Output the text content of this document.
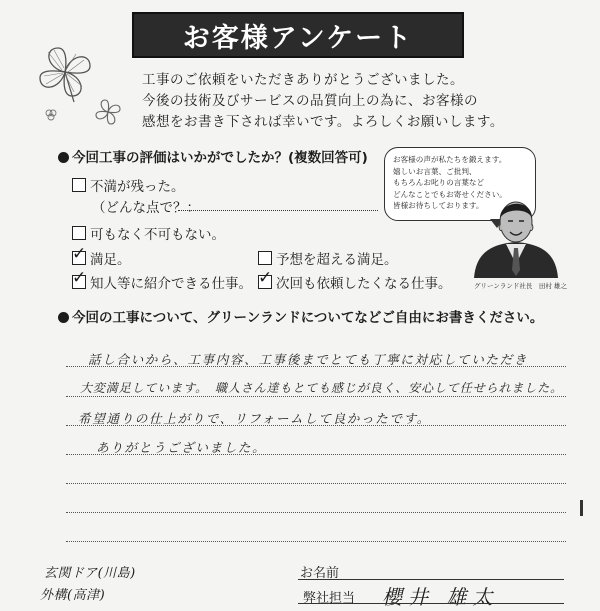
お客様アンケート
工事のご依頼をいただきありがとうございました。
今後の技術及びサービスの品質向上の為に、お客様の
感想をお書き下されば幸いです。よろしくお願いします。
今回工事の評価はいかがでしたか？(複数回答可)
不満が残った。
（どんな点で？：
可もなく不可もない。
✓ 満足。	予想を超える満足。
✓ 知人等に紹介できる仕事。 ✓ 次回も依頼したくなる仕事。
お客様の声が私たちを鍛えます。
嬉しいお言葉、ご批判、
もちろんお叱りの言葉など
どんなことでもお寄せください。
皆様お待ちしております。
グリーンランド社長　田村 雄之
今回の工事について、グリーンランドについてなどご自由にお書きください。
話し合いから、工事内容、工事後までとても丁寧に対応していただき
大変満足しています。　職人さん達もとても感じが良く、安心して任せられました。
希望通りの仕上がりで、リフォームして良かったです。
ありがとうございました。
玄関ドア(川島)
外構(高津)
お名前
弊社担当 櫻井 雄太
